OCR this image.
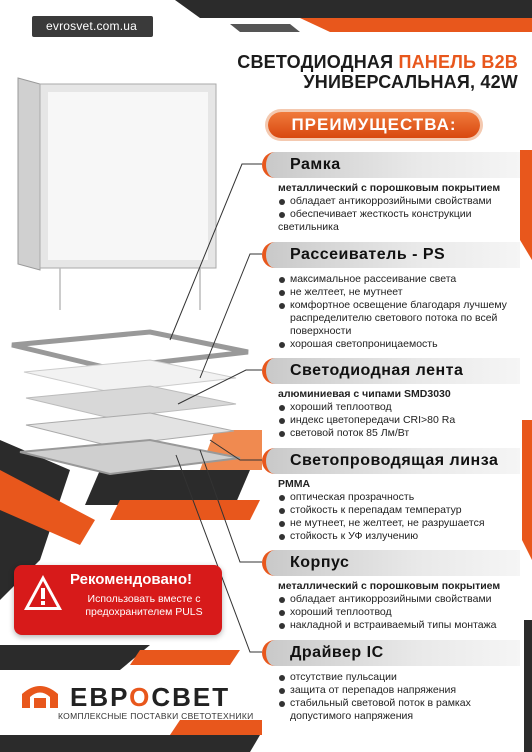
evrosvet.com.ua
СВЕТОДИОДНАЯ ПАНЕЛЬ B2B
УНИВЕРСАЛЬНАЯ, 42W
ПРЕИМУЩЕСТВА:
Рамка
металлический с порошковым покрытием
обладает антикоррозийными свойствами
обеспечивает жесткость конструкции
светильника
Рассеиватель - PS
максимальное рассеивание света
не желтеет, не мутнеет
комфортное освещение благодаря лучшему распределителю светового потока по всей поверхности
хорошая светопроницаемость
Светодиодная лента
алюминиевая с чипами SMD3030
хороший теплоотвод
индекс цветопередачи CRI>80 Ra
световой поток 85 Лм/Вт
Светопроводящая линза
PMMA
оптическая прозрачность
стойкость к перепадам температур
не мутнеет, не желтеет, не разрушается
стойкость к УФ излучению
Корпус
металлический с порошковым покрытием
обладает антикоррозийными свойствами
хороший теплоотвод
накладной и встраиваемый типы монтажа
Драйвер IC
отсутствие пульсации
защита от перепадов напряжения
стабильный световой поток в рамках допустимого напряжения
Рекомендовано!
Использовать вместе с предохранителем PULS
ЕВРОСВЕТ
КОМПЛЕКСНЫЕ ПОСТАВКИ СВЕТОТЕХНИКИ
